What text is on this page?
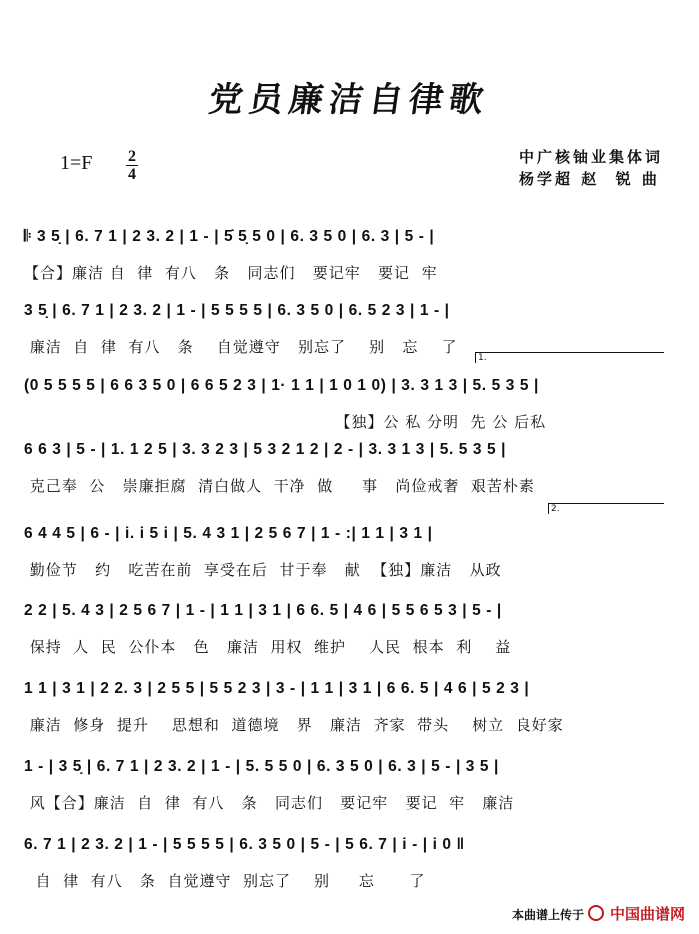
党员廉洁自律歌
1=F 2
4
中广核铀业集体词
杨学超 赵  锐 曲
𝄆 3 5̣ | 6. 7 1 | 2 3. 2 | 1 - | 5̇ 5̣ 5 0 | 6. 3 5 0 | 6. 3 | 5 - |
【合】廉洁 自  律  有八   条   同志们   要记牢   要记  牢
3 5̣ | 6. 7 1 | 2 3. 2 | 1 - | 5 5 5 5 | 6. 3 5 0 | 6. 5 2 3 | 1 - |
廉洁  自  律  有八   条    自觉遵守   别忘了    别   忘    了
1.
(0 5 5 5 5 | 6 6 3 5 0 | 6 6 5 2 3 | 1· 1 1 | 1 0 1 0) | 3. 3 1 3 | 5. 5 3 5 |
【独】公 私 分明  先 公 后私
6 6 3 | 5 - | 1. 1 2 5 | 3. 3 2 3 | 5 3 2 1 2 | 2 - | 3. 3 1 3 | 5. 5 3 5 |
克己奉  公   崇廉拒腐  清白做人  干净  做     事   尚俭戒奢  艰苦朴素
2.
6 4 4 5 | 6 - | i. i 5 i | 5. 4 3 1 | 2 5 6 7 | 1 - :| 1 1 | 3 1 |
勤俭节   约   吃苦在前  享受在后  甘于奉   献  【独】廉洁   从政
2 2 | 5. 4 3 | 2 5 6 7 | 1 - | 1 1 | 3 1 | 6 6. 5 | 4 6 | 5 5 6 5 3 | 5 - |
保持  人  民  公仆本   色   廉洁  用权  维护    人民  根本  利    益
1 1 | 3 1 | 2 2. 3 | 2 5 5 | 5 5 2 3 | 3 - | 1 1 | 3 1 | 6 6. 5 | 4 6 | 5 2 3 |
廉洁  修身  提升    思想和  道德境   界   廉洁  齐家  带头    树立  良好家
1 - | 3 5̣ | 6. 7 1 | 2 3. 2 | 1 - | 5. 5 5 0 | 6. 3 5 0 | 6. 3 | 5 - | 3 5 |
风【合】廉洁  自  律  有八   条   同志们   要记牢   要记  牢   廉洁
6. 7 1 | 2 3. 2 | 1 - | 5 5 5 5 | 6. 3 5 0 | 5 - | 5 6. 7 | i - | i 0 ‖
自  律  有八   条  自觉遵守  别忘了    别     忘      了
本曲谱上传于 中国曲谱网
